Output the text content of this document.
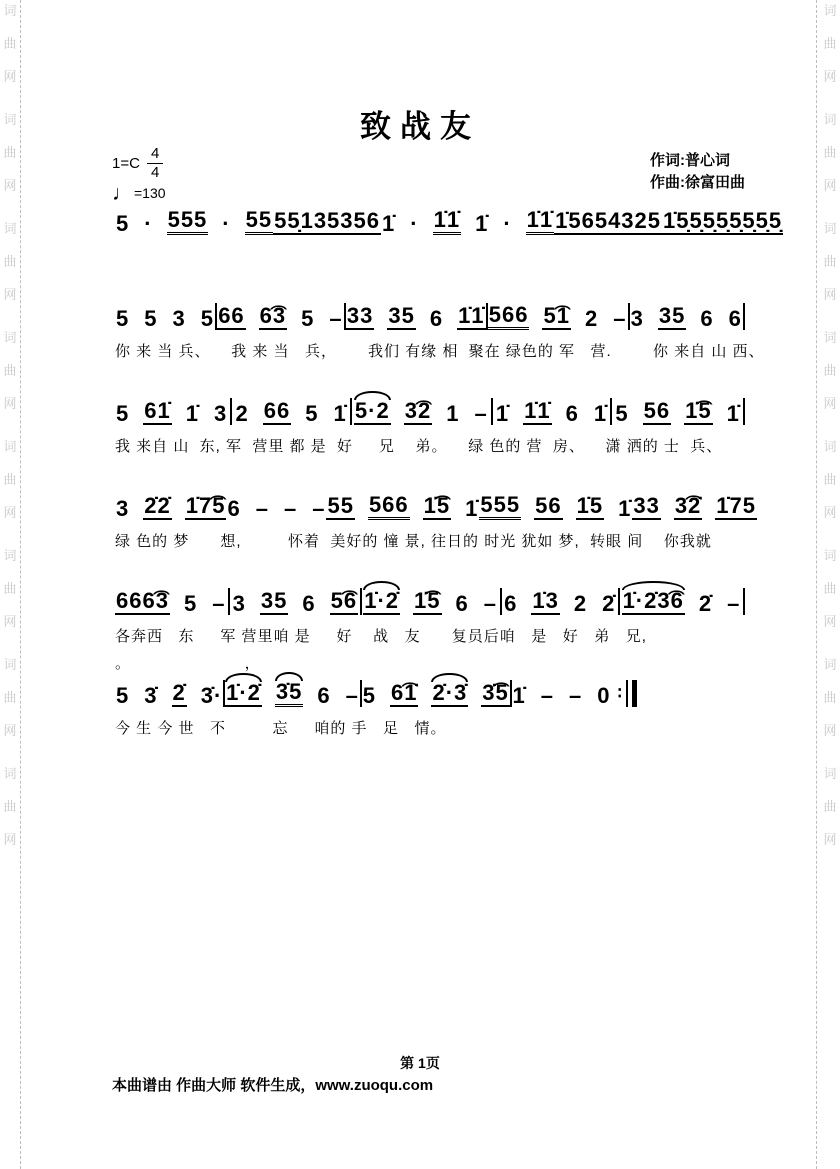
词
曲
网
词
曲
网
词
曲
网
词
曲
网
词
曲
网
词
曲
网
词
曲
网
词
曲
网
词
曲
网
词
曲
网
词
曲
网
词
曲
网
词
曲
网
词
曲
网
词
曲
网
词
曲
网
致战友
$1=C \frac{4}{4}$
♩ =130
作词:普心词
作曲:徐富田曲
5 · 555 · 55 55̣135356 1̇ · 1̇1̇ 1̇ · 1̇1̇ 1̇5654325 1̇5̣5̣5̣5̣5̣5̣5̣5̣
5 5 3 5 66 6͡3 5 – 33 35 6 1̇1̇ 566 5͡1 2 – 3 35 6 6
你 来 当 兵、    我 来 当   兵，      我们 有缘 相  聚在 绿色的 军   营.        你 来自 山 西、
5 61̇ 1̇ 3 2 66 5 1̇ 5·2 3͡2 1 – 1̇ 1̇1̇ 6 1̇ 5 56 1̇͡5 1̇
我 来自 山  东, 军  营里 都 是  好     兄    弟。    绿 色的 营  房、    潇 洒的 士  兵、
3 2̇2̇ 1̇7͡5 6 – – – 55 566 1̇͡5 1̇ 555 56 1̇5 1̇ 33 3͡2̇ 1̇75
绿 色的 梦      想,         怀着  美好的 憧 景, 往日的 时光 犹如 梦,  转眼 间    你我就
666͡3 5 – 3 35 6 5͡6 1̇·2̇ 1̇͡5 6 – 6 1̇3 2 2̇ 1̇·2̇3͡6 2̇ –
各奔西   东     军 营里咱 是     好    战   友      复员后咱   是   好   弟   兄,
。                      ，
5 3̇ 2̇ 3̇· 1̇·2̇ 3̇5 6 – 5 6͡1̇ 2̇·3̇ 3̇͡5 1̇ – – 0 ∶
今 生 今 世   不         忘     咱的 手   足   情。
第 1页
本曲谱由 作曲大师 软件生成，www.zuoqu.com
